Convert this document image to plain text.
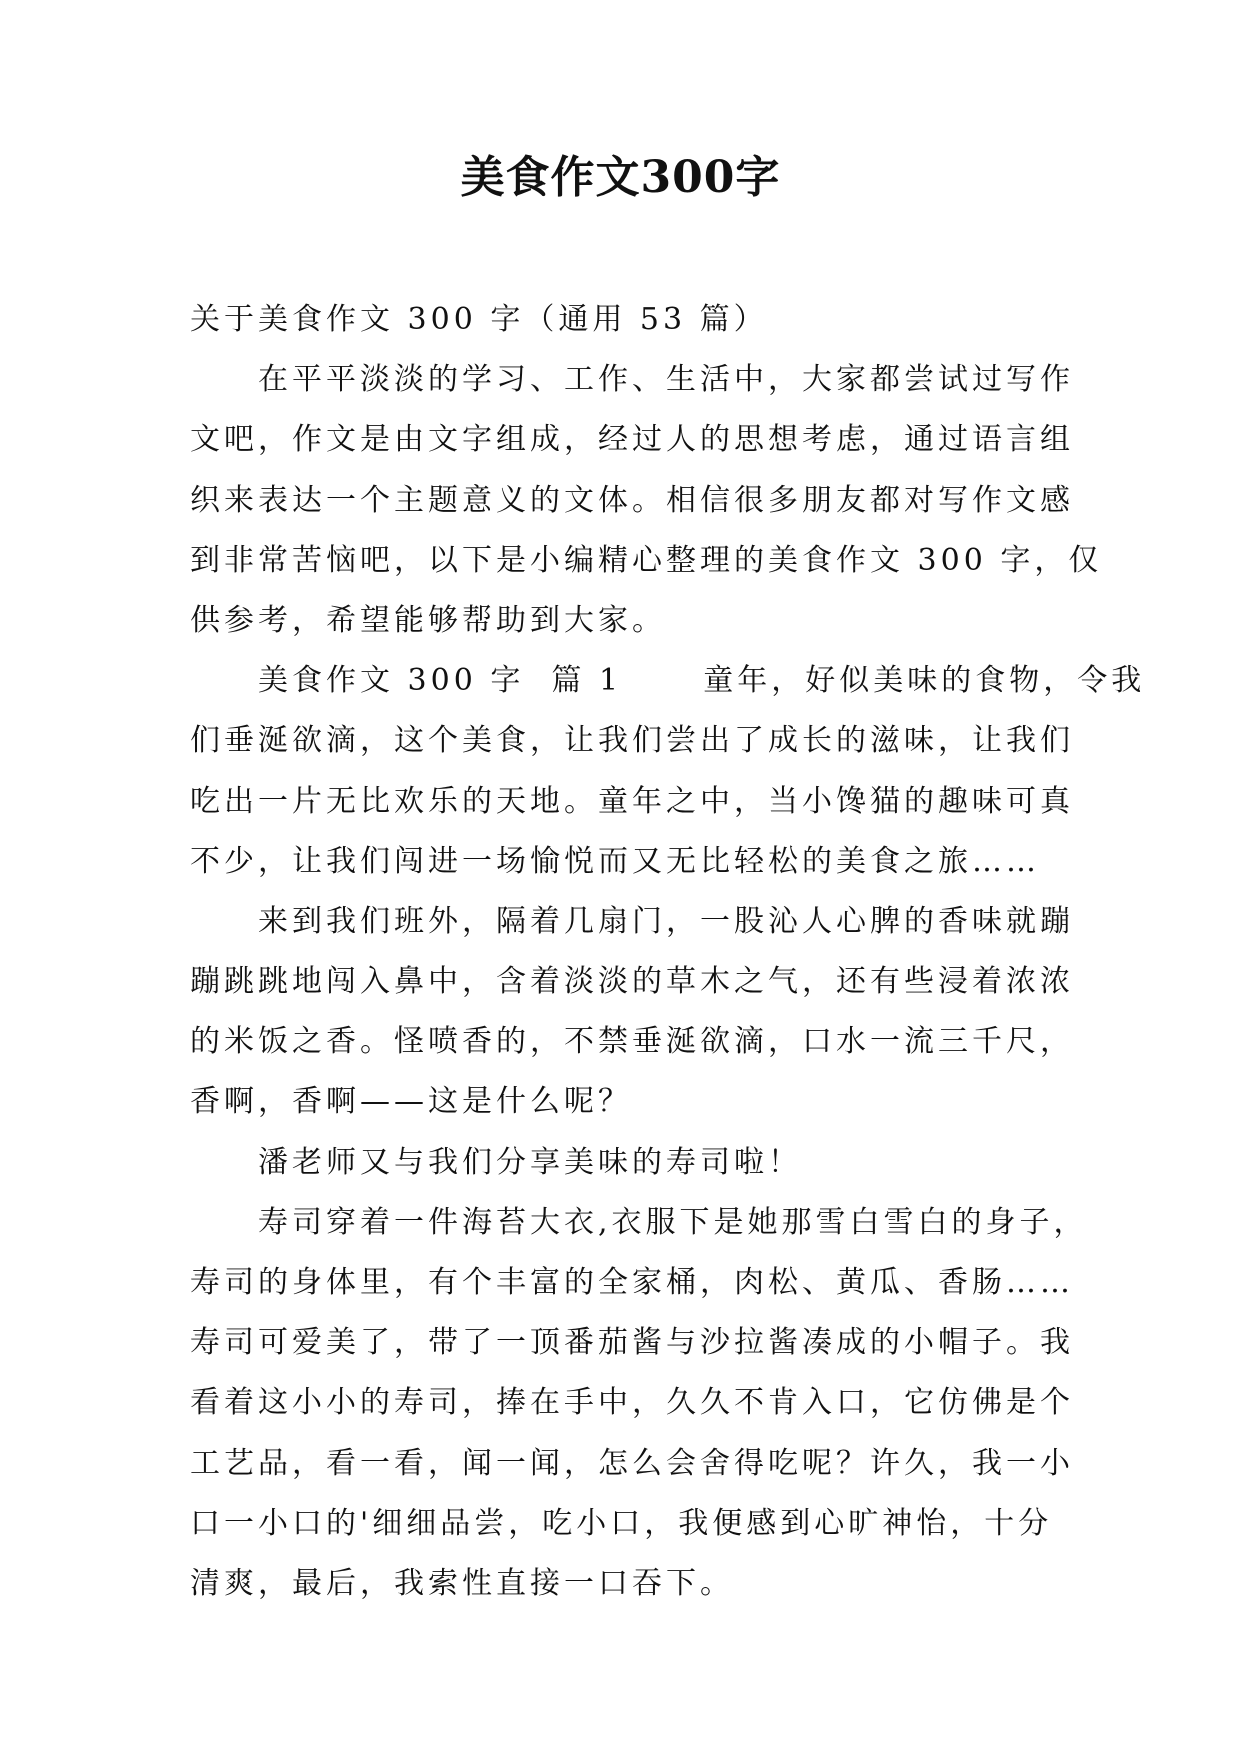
美食作文300字
关于美食作文 300 字（通用 53 篇）
在平平淡淡的学习、工作、生活中，大家都尝试过写作
文吧，作文是由文字组成，经过人的思想考虑，通过语言组
织来表达一个主题意义的文体。相信很多朋友都对写作文感
到非常苦恼吧，以下是小编精心整理的美食作文 300 字，仅
供参考，希望能够帮助到大家。
美食作文 300 字  篇 1      童年，好似美味的食物，令我
们垂涎欲滴，这个美食，让我们尝出了成长的滋味，让我们
吃出一片无比欢乐的天地。童年之中，当小馋猫的趣味可真
不少，让我们闯进一场愉悦而又无比轻松的美食之旅……
来到我们班外，隔着几扇门，一股沁人心脾的香味就蹦
蹦跳跳地闯入鼻中，含着淡淡的草木之气，还有些浸着浓浓
的米饭之香。怪喷香的，不禁垂涎欲滴，口水一流三千尺，
香啊，香啊——这是什么呢？
潘老师又与我们分享美味的寿司啦！
寿司穿着一件海苔大衣,衣服下是她那雪白雪白的身子，
寿司的身体里，有个丰富的全家桶，肉松、黄瓜、香肠……
寿司可爱美了，带了一顶番茄酱与沙拉酱凑成的小帽子。我
看着这小小的寿司，捧在手中，久久不肯入口，它仿佛是个
工艺品，看一看，闻一闻，怎么会舍得吃呢？许久，我一小
口一小口的'细细品尝，吃小口，我便感到心旷神怡，十分
清爽，最后，我索性直接一口吞下。
